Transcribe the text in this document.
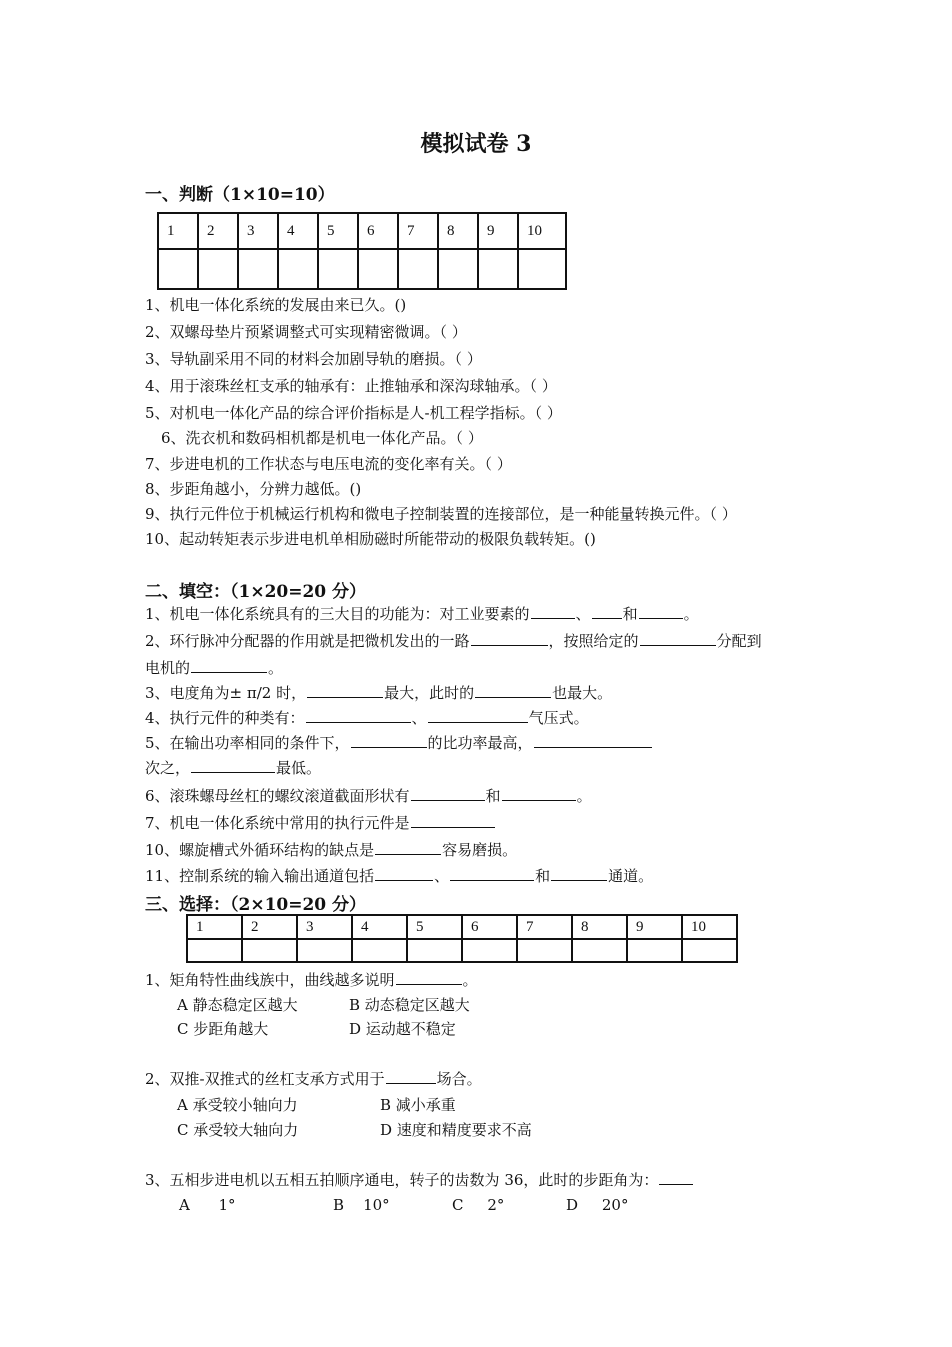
模拟试卷 3
一、判断（1×10=10）
1	2	3	4	5	6	7	8	9	10

1、机电一体化系统的发展由来已久。()
2、双螺母垫片预紧调整式可实现精密微调。（ ）
3、导轨副采用不同的材料会加剧导轨的磨损。（ ）
4、用于滚珠丝杠支承的轴承有：止推轴承和深沟球轴承。（ ）
5、对机电一体化产品的综合评价指标是人-机工程学指标。（ ）
6、洗衣机和数码相机都是机电一体化产品。（ ）
7、步进电机的工作状态与电压电流的变化率有关。（ ）
8、步距角越小，分辨力越低。()
9、执行元件位于机械运行机构和微电子控制装置的连接部位，是一种能量转换元件。（ ）
10、起动转矩表示步进电机单相励磁时所能带动的极限负载转矩。()
二、填空：（1×20=20 分）
1、机电一体化系统具有的三大目的功能为：对工业要素的	、 和	。
2、环行脉冲分配器的作用就是把微机发出的一路	，按照给定的	分配到
电机的	。
3、电度角为± π/2 时，	最大，此时的	也最大。
4、执行元件的种类有：	、	气压式。
5、在输出功率相同的条件下，	的比功率最高，
次之，	最低。
6、滚珠螺母丝杠的螺纹滚道截面形状有	和	。
7、机电一体化系统中常用的执行元件是
10、螺旋槽式外循环结构的缺点是	容易磨损。
11、控制系统的输入输出通道包括	、	和	通道。
三、选择：（2×10=20 分）
1	2	3	4	5	6	7	8	9	10

1、矩角特性曲线族中，曲线越多说明	。
A 静态稳定区越大	B 动态稳定区越大
C 步距角越大	D 运动越不稳定
2、双推-双推式的丝杠支承方式用于	场合。
A 承受较小轴向力	B 减小承重
C 承受较大轴向力	D 速度和精度要求不高
3、五相步进电机以五相五拍顺序通电，转子的齿数为 36，此时的步距角为：
A      1°	B    10°	C     2°	D     20°
